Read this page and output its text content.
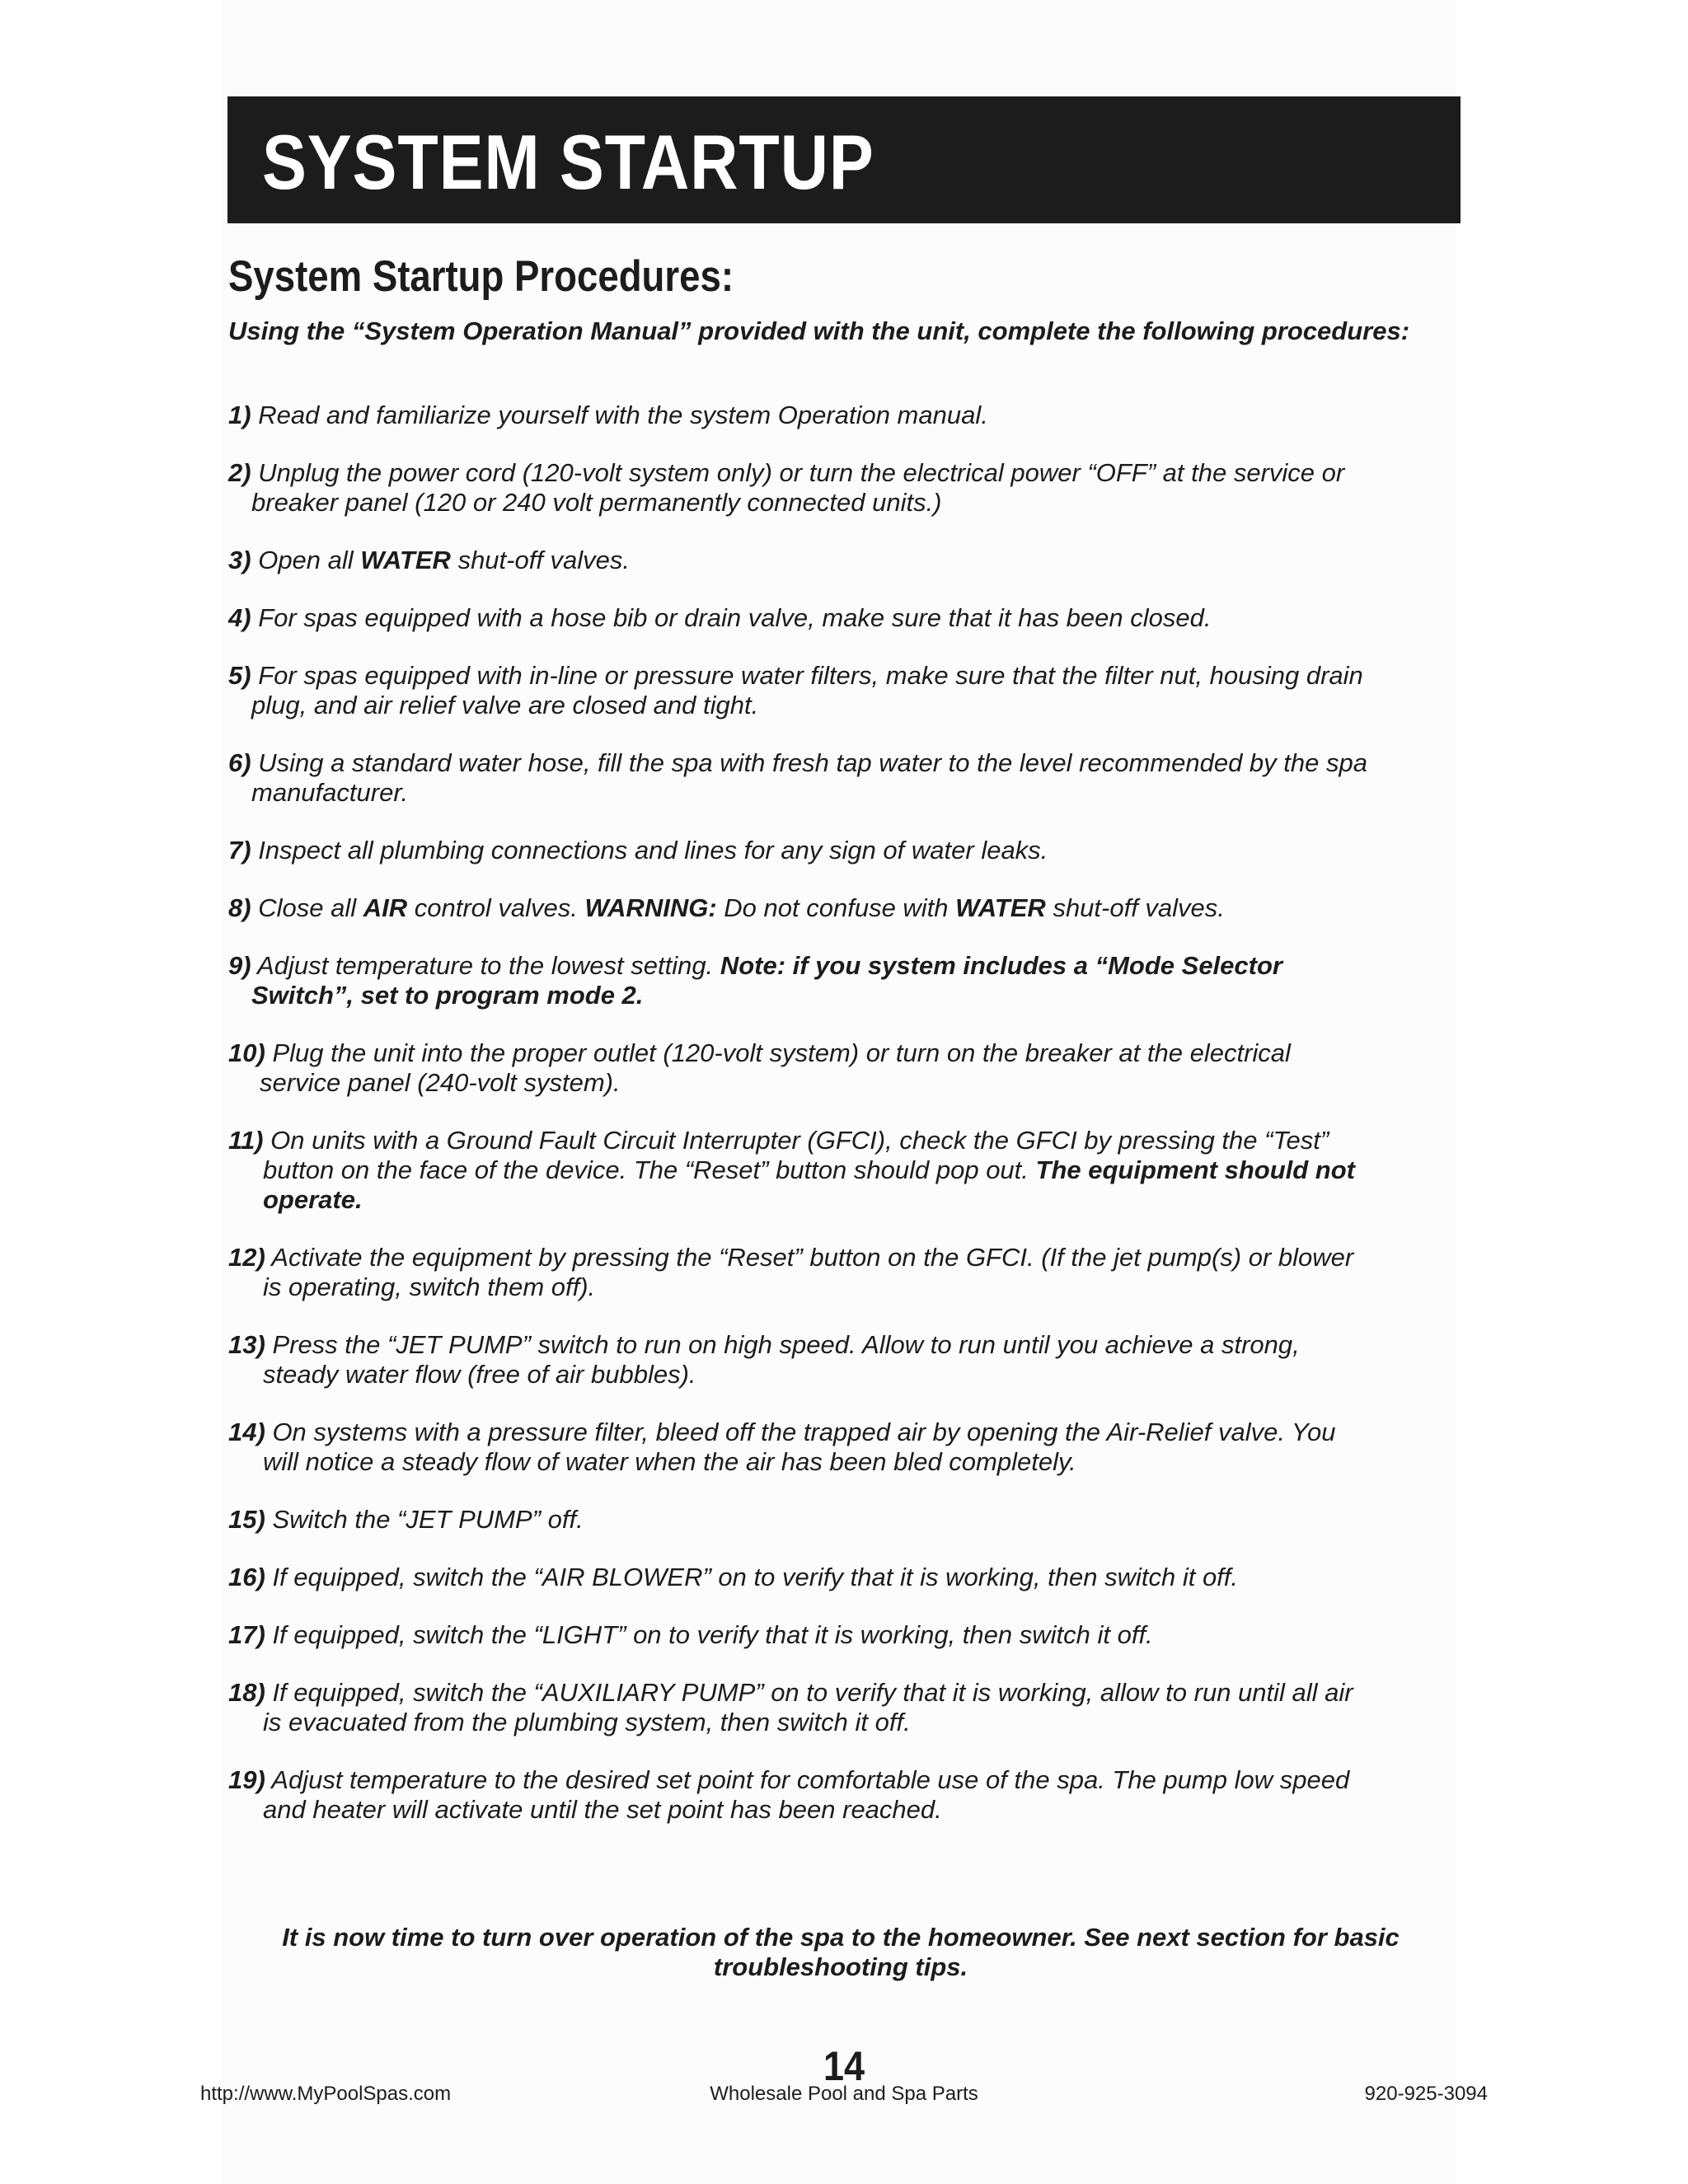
SYSTEM STARTUP
System Startup Procedures:
Using the “System Operation Manual” provided with the unit, complete the following procedures:
1) Read and familiarize yourself with the system Operation manual.
2) Unplug the power cord (120-volt system only) or turn the electrical power “OFF” at the service or
breaker panel (120 or 240 volt permanently connected units.)
3) Open all WATER shut-off valves.
4) For spas equipped with a hose bib or drain valve, make sure that it has been closed.
5) For spas equipped with in-line or pressure water filters, make sure that the filter nut, housing drain
plug, and air relief valve are closed and tight.
6) Using a standard water hose, fill the spa with fresh tap water to the level recommended by the spa
manufacturer.
7) Inspect all plumbing connections and lines for any sign of water leaks.
8) Close all AIR control valves. WARNING: Do not confuse with WATER shut-off valves.
9) Adjust temperature to the lowest setting. Note: if you system includes a “Mode Selector
Switch”, set to program mode 2.
10) Plug the unit into the proper outlet (120-volt system) or turn on the breaker at the electrical
service panel (240-volt system).
11) On units with a Ground Fault Circuit Interrupter (GFCI), check the GFCI by pressing the “Test”
button on the face of the device. The “Reset” button should pop out. The equipment should not
operate.
12) Activate the equipment by pressing the “Reset” button on the GFCI. (If the jet pump(s) or blower
is operating, switch them off).
13) Press the “JET PUMP” switch to run on high speed. Allow to run until you achieve a strong,
steady water flow (free of air bubbles).
14) On systems with a pressure filter, bleed off the trapped air by opening the Air-Relief valve. You
will notice a steady flow of water when the air has been bled completely.
15) Switch the “JET PUMP” off.
16) If equipped, switch the “AIR BLOWER” on to verify that it is working, then switch it off.
17) If equipped, switch the “LIGHT” on to verify that it is working, then switch it off.
18) If equipped, switch the “AUXILIARY PUMP” on to verify that it is working, allow to run until all air
is evacuated from the plumbing system, then switch it off.
19) Adjust temperature to the desired set point for comfortable use of the spa. The pump low speed
and heater will activate until the set point has been reached.
It is now time to turn over operation of the spa to the homeowner. See next section for basic troubleshooting tips.
14
http://www.MyPoolSpas.com	Wholesale Pool and Spa Parts	920-925-3094
